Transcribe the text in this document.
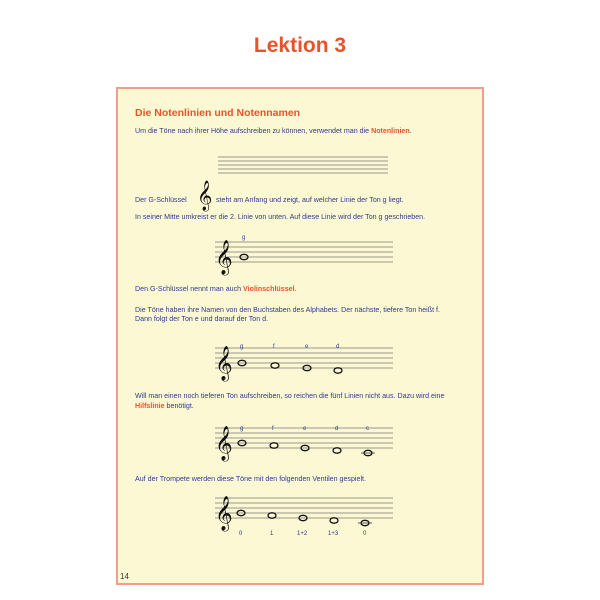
Lektion 3
Die Notenlinien und Notennamen
Um die Töne nach ihrer Höhe aufschreiben zu können, verwendet man die Notenlinien.
Der G-Schlüssel 𝄞 steht am Anfang und zeigt, auf welcher Linie der Ton g liegt.
In seiner Mitte umkreist er die 2. Linie von unten. Auf diese Linie wird der Ton g geschrieben.
𝄞
g
Den G-Schlüssel nennt man auch Violinschlüssel.
Die Töne haben ihre Namen von den Buchstaben des Alphabets. Der nächste, tiefere Ton heißt f.
Dann folgt der Ton e und darauf der Ton d.
𝄞 g	f	e	d
Will man einen noch tieferen Ton aufschreiben, so reichen die fünf Linien nicht aus. Dazu wird eine
Hilfslinie benötigt.
𝄞 g	f	e	d	c
Auf der Trompete werden diese Töne mit den folgenden Ventilen gespielt.
𝄞
0	1	1+2	1+3	0
14
